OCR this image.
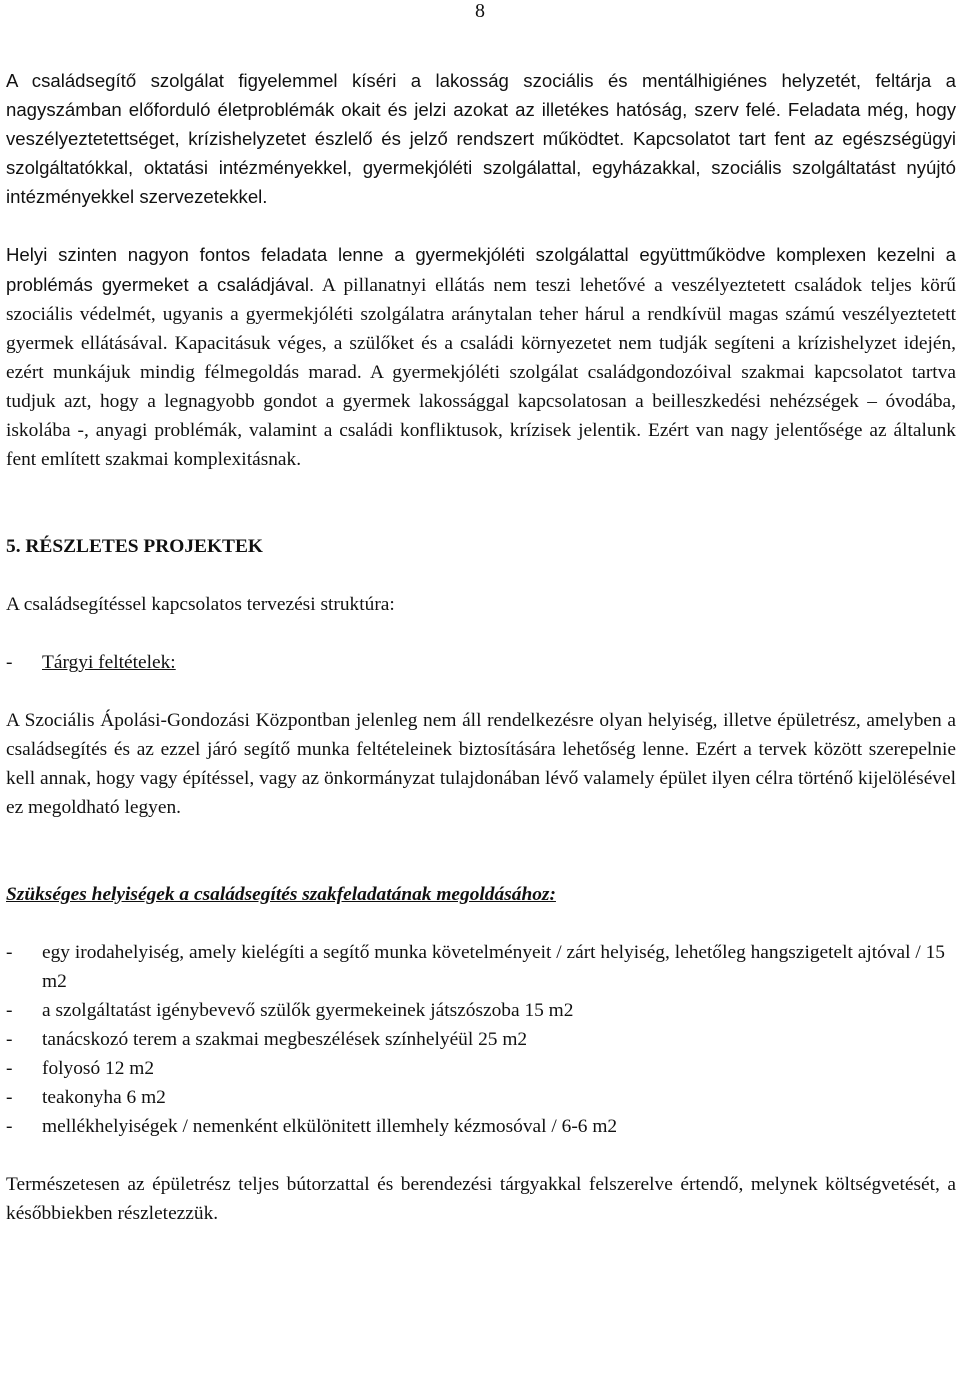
8

A családsegítő szolgálat figyelemmel kíséri a lakosság szociális és mentálhigiénes helyzetét, feltárja a nagyszámban előforduló életproblémák okait és jelzi azokat az illetékes hatóság, szerv felé. Feladata még, hogy veszélyeztetettséget, krízishelyzetet észlelő és jelző rendszert működtet. Kapcsolatot tart fent az egészségügyi szolgáltatókkal, oktatási intézményekkel, gyermekjóléti szolgálattal, egyházakkal, szociális szolgáltatást nyújtó intézményekkel szervezetekkel.

Helyi szinten nagyon fontos feladata lenne a gyermekjóléti szolgálattal együttműködve komplexen kezelni a problémás gyermeket a családjával. A pillanatnyi ellátás nem teszi lehetővé a veszélyeztetett családok teljes körű szociális védelmét, ugyanis a gyermekjóléti szolgálatra aránytalan teher hárul a rendkívül magas számú veszélyeztetett gyermek ellátásával. Kapacitásuk véges, a szülőket és a családi környezetet nem tudják segíteni a krízishelyzet idején, ezért munkájuk mindig félmegoldás marad. A gyermekjóléti szolgálat családgondozóival szakmai kapcsolatot tartva tudjuk azt, hogy a legnagyobb gondot a gyermek lakossággal kapcsolatosan a beilleszkedési nehézségek – óvodába, iskolába -, anyagi problémák, valamint a családi konfliktusok, krízisek jelentik. Ezért van nagy jelentősége az általunk fent említett szakmai komplexitásnak.

5. RÉSZLETES PROJEKTEK
A családsegítéssel kapcsolatos tervezési struktúra:
-	Tárgyi feltételek:

A Szociális Ápolási-Gondozási Központban jelenleg nem áll rendelkezésre olyan helyiség, illetve épületrész, amelyben a családsegítés és az ezzel járó segítő munka feltételeinek biztosítására lehetőség lenne. Ezért a tervek között szerepelnie kell annak, hogy vagy építéssel, vagy az önkormányzat tulajdonában lévő valamely épület ilyen célra történő kijelölésével ez megoldható legyen.

Szükséges helyiségek a családsegítés szakfeladatának megoldásához:
-	egy irodahelyiség, amely kielégíti a segítő munka követelményeit / zárt helyiség, lehetőleg hangszigetelt ajtóval / 15 m2
-	a szolgáltatást igénybevevő szülők gyermekeinek játszószoba 15 m2
-	tanácskozó terem a szakmai megbeszélések színhelyéül 25 m2
-	folyosó 12 m2
-	teakonyha 6 m2
-	mellékhelyiségek / nemenként elkülönitett illemhely kézmosóval / 6-6 m2

Természetesen az épületrész teljes bútorzattal és berendezési tárgyakkal felszerelve értendő, melynek költségvetését, a későbbiekben részletezzük.
